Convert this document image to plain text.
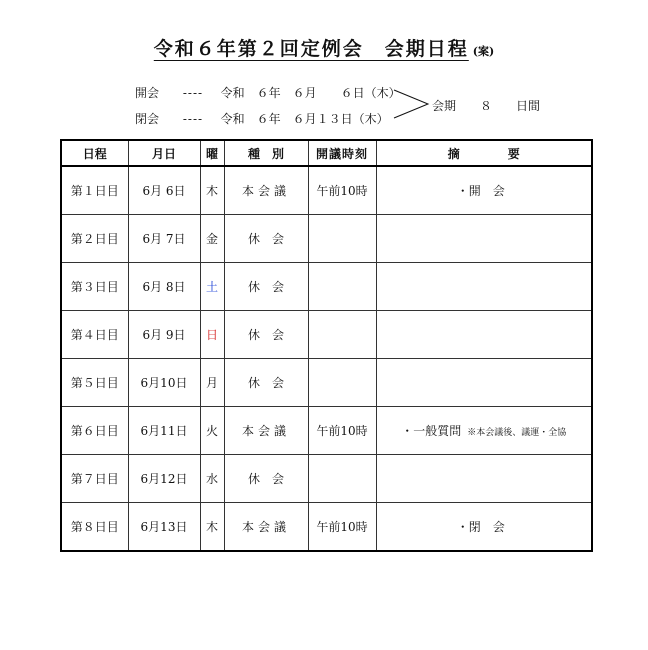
令和６年第２回定例会　会期日程 (案)
開会 ---- 令和　６年　６月　　６日（木）
閉会 ---- 令和　６年　６月１３日（木）
会期　　８　　日間
日程	月日	曜	種　別	開議時刻	摘　　　　要
第１日目	6月 6日	木	本会議	午前10時	・開　会
第２日目	6月 7日	金	休　会		
第３日目	6月 8日	土	休　会		
第４日目	6月 9日	日	休　会		
第５日目	6月10日	月	休　会		
第６日目	6月11日	火	本会議	午前10時	・一般質問 ※本会議後、議運・全協
第７日目	6月12日	水	休　会		
第８日目	6月13日	木	本会議	午前10時	・閉　会
